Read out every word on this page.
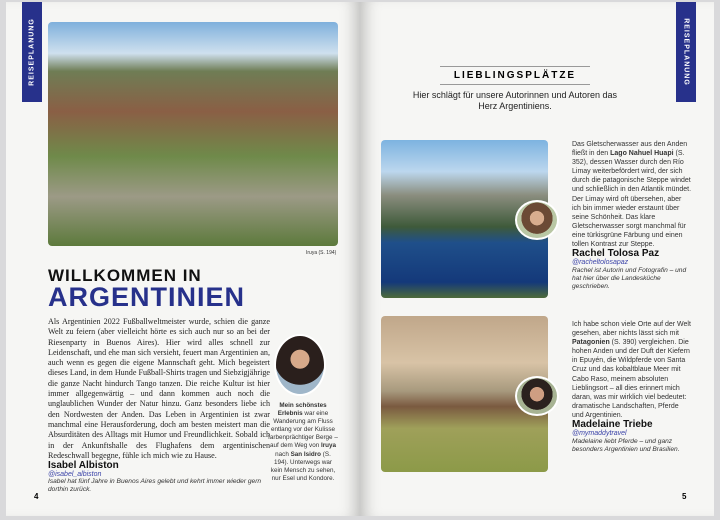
REISEPLANUNG
Iruya (S. 194)
WILLKOMMEN IN
ARGENTINIEN
Als Argentinien 2022 Fußballweltmeister wurde, schien die ganze Welt zu feiern (aber vielleicht hörte es sich auch nur so an bei der Riesenparty in Buenos Aires). Hier wird alles schnell zur Leidenschaft, und ehe man sich versieht, feuert man Argentinien an, auch wenn es gegen die eigene Mannschaft geht. Mich begeistert dieses Land, in dem Hunde Fußball-Shirts tragen und Siebzigjährige die ganze Nacht hindurch Tango tanzen. Die reiche Kultur ist hier immer allgegenwärtig – und dann kommen auch noch die unglaublichen Wunder der Natur hinzu. Ganz besonders liebe ich den Nordwesten der Anden. Das Leben in Argentinien ist zwar manchmal eine Herausforderung, doch am besten meistert man die Absurditäten des Alltags mit Humor und Freundlichkeit. Sobald ich in der Ankunftshalle des Flughafens dem argentinischen Redeschwall begegne, fühle ich mich wie zu Hause.
Isabel Albiston
@isabel_albiston
Isabel hat fünf Jahre in Buenos Aires gelebt und kehrt immer wieder gern dorthin zurück.
Mein schönstes Erlebnis war eine Wanderung am Fluss entlang vor der Kulisse farbenprächtiger Berge – auf dem Weg von Iruya nach San Isidro (S. 194). Unterwegs war kein Mensch zu sehen, nur Esel und Kondore.
4
REISEPLANUNG
LIEBLINGSPLÄTZE
Hier schlägt für unsere Autorinnen und Autoren das Herz Argentiniens.
Das Gletscherwasser aus den Anden fließt in den Lago Nahuel Huapi (S. 352), dessen Wasser durch den Río Limay weiterbefördert wird, der sich durch die patagonische Steppe windet und schließlich in den Atlantik mündet. Der Limay wird oft übersehen, aber ich bin immer wieder erstaunt über seine Schönheit. Das klare Gletscherwasser sorgt manchmal für eine türkisgrüne Färbung und einen tollen Kontrast zur Steppe.
Rachel Tolosa Paz
@racheltolosapaz
Rachel ist Autorin und Fotografin – und hat hier über die Landesküche geschrieben.
Ich habe schon viele Orte auf der Welt gesehen, aber nichts lässt sich mit Patagonien (S. 390) vergleichen. Die hohen Anden und der Duft der Kiefern in Epuyén, die Wildpferde von Santa Cruz und das kobaltblaue Meer mit Cabo Raso, meinem absoluten Lieblingsort – all dies erinnert mich daran, was mir wirklich viel bedeutet: dramatische Landschaften, Pferde und Argentinien.
Madelaine Triebe
@mymaddytravel
Madelaine liebt Pferde – und ganz besonders Argentinien und Brasilien.
5
